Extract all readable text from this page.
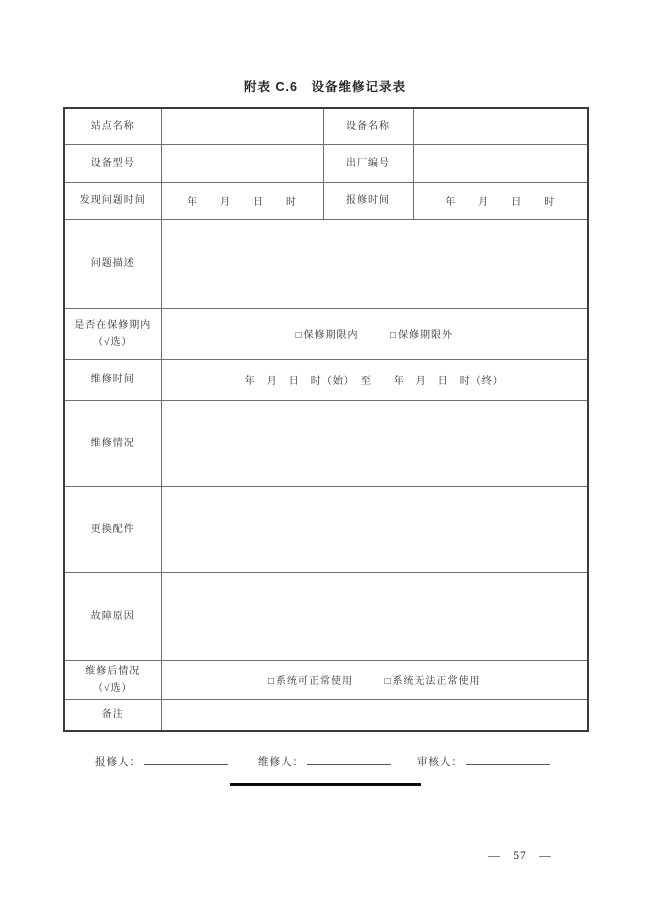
附表 C.6　设备维修记录表
站点名称		设备名称	
设备型号		出厂编号	
发现问题时间	年　　月　　日　　时	报修时间	年　　月　　日　　时
问题描述			

是否在保修期内
（√选）	□保修期限内 □保修期限外		
维修时间	年　月　日　时（始）　至　　年　月　日　时（终）		
维修情况			
更换配件			
故障原因			

维修后情况
（√选）	□系统可正常使用 □系统无法正常使用		
备注			
报修人：	维修人：	审核人：
— 57 —
